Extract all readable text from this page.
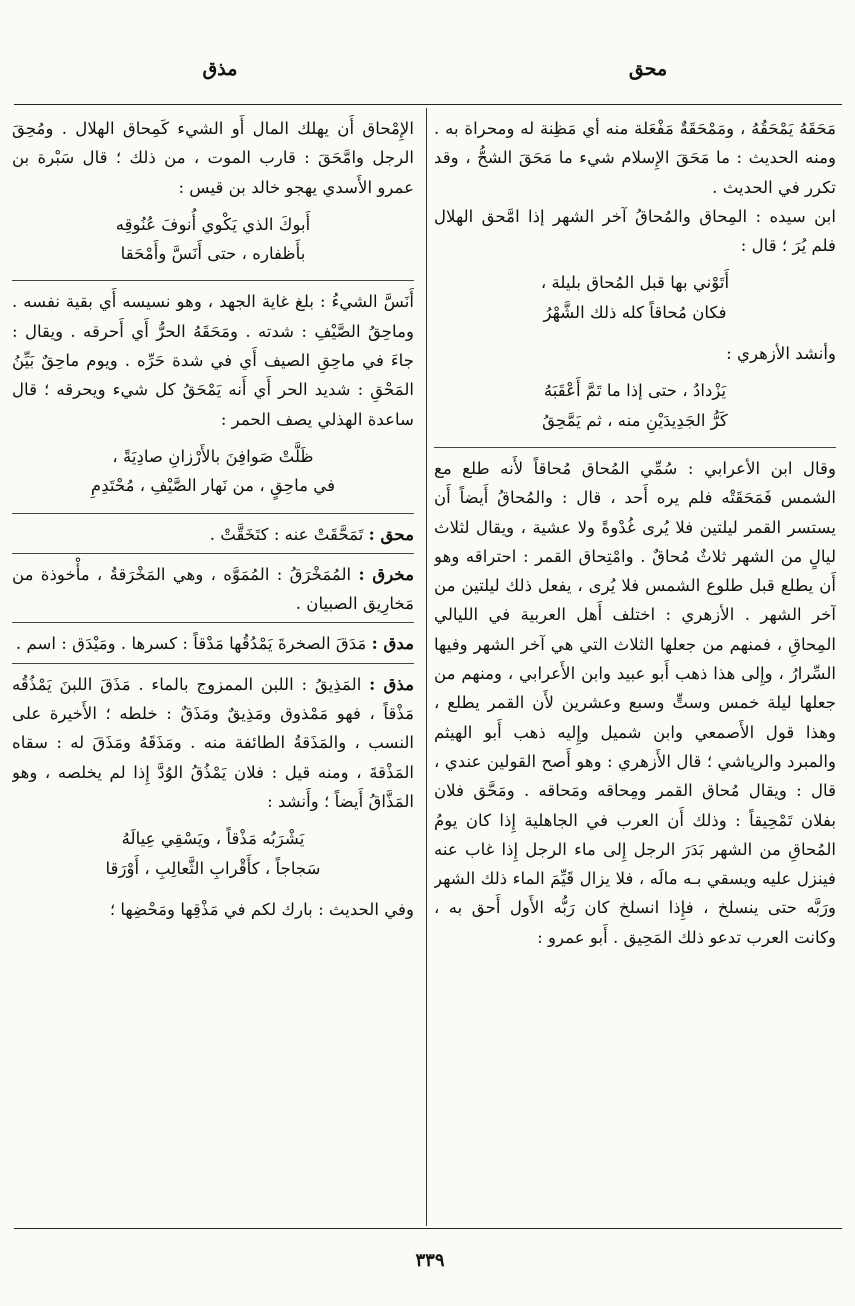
محق
مذق

مَحَقَهُ يَمْحَقُهُ ، ومَمْحَقَةٌ مَفْعَلة منه أي مَظِنة له ومحراة به . ومنه الحديث : ما مَحَقَ الإِسلام شيء ما مَحَقَ الشحُّ ، وقد تكرر في الحديث .

ابن سيده : المِحاق والمُحاقُ آخر الشهر إذا امَّحق الهلال فلم يُرَ ؛ قال :

أَتَوْني بها قبل المُحاق بليلة ،

فكان مُحاقاً كله ذلك الشَّهْرُ

وأنشد الأزهري :

يَزْدادُ ، حتى إذا ما تَمَّ أَعْقَبَهُ

كَرُّ الجَدِيدَيْنِ منه ، ثم يَمَّحِقُ

وقال ابن الأعرابي : سُمِّي المُحاق مُحاقاً لأَنه طلع مع الشمس فَمَحَقَتْه فلم يره أَحد ، قال : والمُحاقُ أَيضاً أَن يستسر القمر ليلتين فلا يُرى غُدْوةً ولا عشية ، ويقال لثلاث ليالٍ من الشهر ثلاثٌ مُحاقٌ . وامْتِحاق القمر : احتراقه وهو أَن يطلع قبل طلوع الشمس فلا يُرى ، يفعل ذلك ليلتين من آخر الشهر . الأزهري : اختلف أَهل العربية في الليالي المِحاقِ ، فمنهم من جعلها الثلاث التي هي آخر الشهر وفيها السِّرارُ ، وإِلى هذا ذهب أَبو عبيد وابن الأَعرابي ، ومنهم من جعلها ليلة خمس وستٍّ وسبع وعشرين لأَن القمر يطلع ، وهذا قول الأَصمعي وابن شميل وإِليه ذهب أَبو الهيثم والمبرد والرياشي ؛ قال الأَزهري : وهو أَصح القولين عندي ، قال : ويقال مُحاق القمر ومِحاقه ومَحاقه . ومَحَّق فلان بفلان تَمْحِيقاً : وذلك أَن العرب في الجاهلية إِذا كان يومُ المُحاقِ من الشهر بَدَرَ الرجل إِلى ماء الرجل إِذا غاب عنه فينزل عليه ويسقي بـه مالَه ، فلا يزال قَيِّمَ الماء ذلك الشهر ورَبَّه حتى ينسلخ ، فإِذا انسلخ كان رَبُّه الأَول أَحق به ، وكانت العرب تدعو ذلك المَحِيق . أَبو عمرو :

الإِمْحاق أَن يهلك المال أَو الشيء كَمِحاق الهلال . ومُحِقَ الرجل وامَّحَقَ : قارب الموت ، من ذلك ؛ قال سَبْرة بن عمرو الأَسدي يهجو خالد بن قيس :

أَبوكَ الذي يَكْوي أُنوفَ عُنُوقِه

بأَظفاره ، حتى أَنَسَّ وأَمْحَقا

أَنَسَّ الشيءُ : بلغ غاية الجهد ، وهو نسيسه أَي بقية نفسه . وماحِقُ الصَّيْفِ : شدته . ومَحَقَهُ الحرُّ أَي أَحرقه . ويقال : جاءَ في ماحِقِ الصيف أَي في شدة حَرِّه . ويوم ماحِقٌ بَيِّنُ المَحْقِ : شديد الحر أَي أَنه يَمْحَقُ كل شيء ويحرقه ؛ قال ساعدة الهذلي يصف الحمر :

ظَلَّتْ صَوافِنَ بالأَرْزانِ صادِيَةً ،

في ماحِقٍ ، من نَهار الصَّيْفِ ، مُحْتَدِمِ

محق : تَمَحَّقَتْ عنه : كتَخَقَّتْ .

مخرق : المُمَخْرَقُ : المُمَوَّه ، وهي المَخْرَقةُ ، مأْخوذة من مَخارِيق الصبيان .

مدق : مَدَقَ الصخرةَ يَمْدُقُها مَدْقاً : كسرها . ومَيْدَق : اسم .

مذق : المَذِيقُ : اللبن الممزوج بالماء . مَذَقَ اللبنَ يَمْذُقُه مَذْقاً ، فهو مَمْذوق ومَذِيقٌ ومَذَقٌ : خلطه ؛ الأَخيرة على النسب ، والمَذَقةُ الطائفة منه . ومَذَقَهُ ومَذَقَ له : سقاه المَذْقةَ ، ومنه قيل : فلان يَمْذُقُ الوُدَّ إِذا لم يخلصه ، وهو المَذَّاقُ أَيضاً ؛ وأَنشد :

يَشْرَبُه مَذْقاً ، ويَسْقِي عِيالَهُ

سَجاجاً ، كأَقْرابِ الثَّعالِبِ ، أَوْرَقا

وفي الحديث : بارك لكم في مَذْقِها ومَحْضِها ؛

٣٣٩
